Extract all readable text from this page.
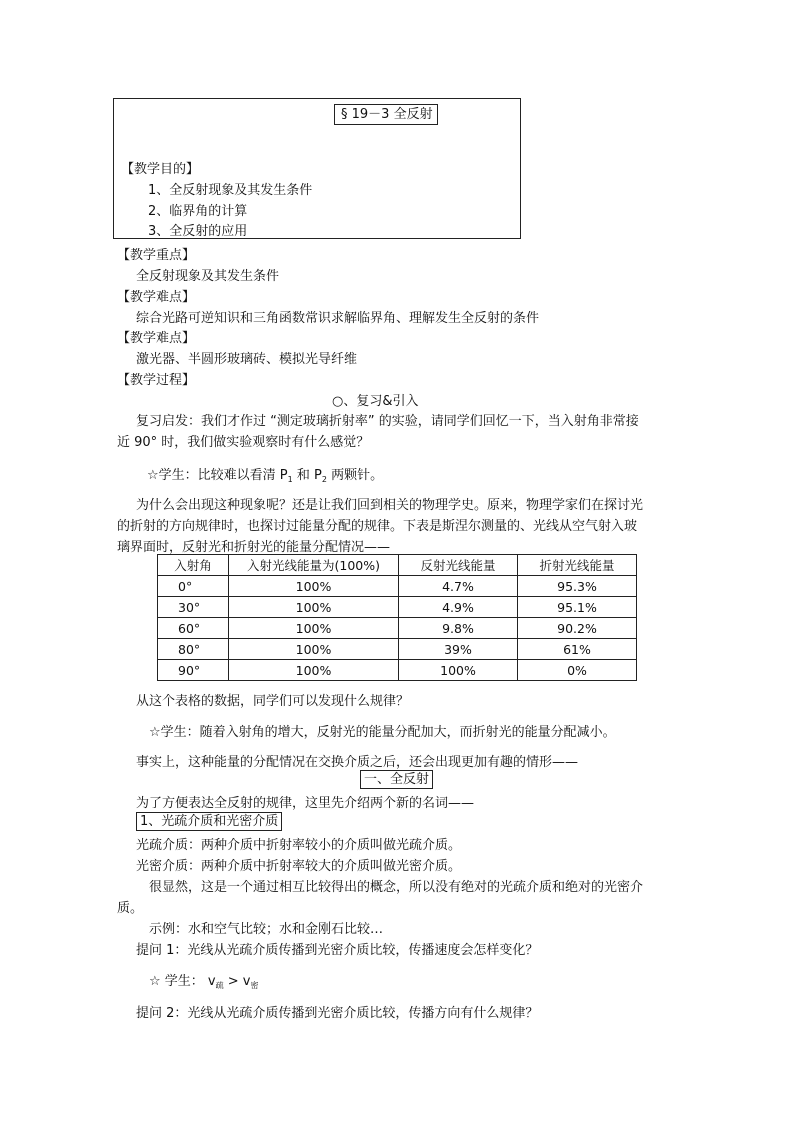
§ 19－3 全反射
【教学目的】
1、全反射现象及其发生条件
2、临界角的计算
3、全反射的应用
【教学重点】
全反射现象及其发生条件
【教学难点】
综合光路可逆知识和三角函数常识求解临界角、理解发生全反射的条件
【教学难点】
激光器、半圆形玻璃砖、模拟光导纤维
【教学过程】
○、复习&引入
复习启发：我们才作过 “测定玻璃折射率” 的实验，请同学们回忆一下，当入射角非常接
近 90° 时，我们做实验观察时有什么感觉？
☆学生：比较难以看清 $P_1$ 和 $P_2$ 两颗针。
为什么会出现这种现象呢？还是让我们回到相关的物理学史。原来，物理学家们在探讨光
的折射的方向规律时，也探讨过能量分配的规律。下表是斯涅尔测量的、光线从空气射入玻
璃界面时，反射光和折射光的能量分配情况——
入射角	入射光线能量为(100%)	反射光线能量	折射光线能量
0°	100%	4.7%	95.3%
30°	100%	4.9%	95.1%
60°	100%	9.8%	90.2%
80°	100%	39%	61%
90°	100%	100%	0%
从这个表格的数据，同学们可以发现什么规律？
☆学生：随着入射角的增大，反射光的能量分配加大，而折射光的能量分配减小。
事实上，这种能量的分配情况在交换介质之后，还会出现更加有趣的情形——
一、全反射
为了方便表达全反射的规律，这里先介绍两个新的名词——
1、光疏介质和光密介质
光疏介质：两种介质中折射率较小的介质叫做光疏介质。
光密介质：两种介质中折射率较大的介质叫做光密介质。
很显然，这是一个通过相互比较得出的概念，所以没有绝对的光疏介质和绝对的光密介
质。
示例：水和空气比较；水和金刚石比较…
提问 1：光线从光疏介质传播到光密介质比较，传播速度会怎样变化？
☆ 学生： $v_疏 > v_密$
提问 2：光线从光疏介质传播到光密介质比较，传播方向有什么规律？
